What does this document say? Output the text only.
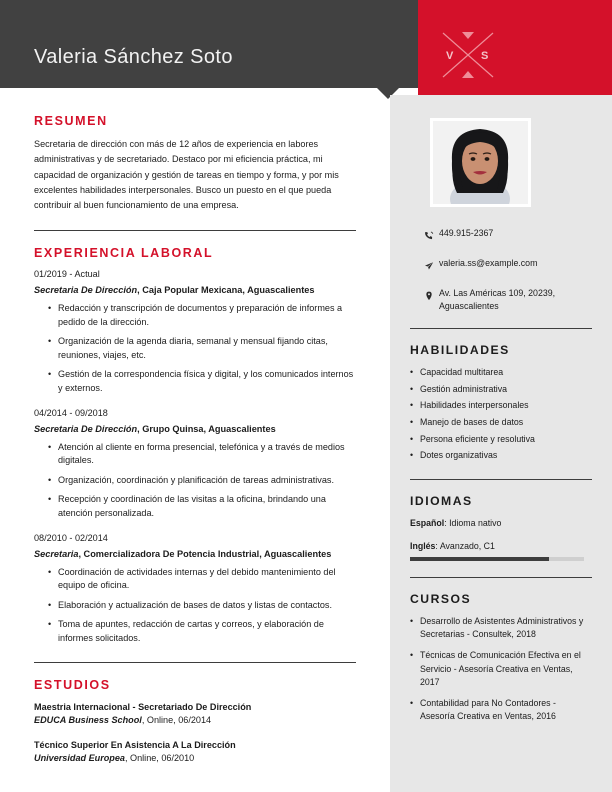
Valeria Sánchez Soto	V	S
RESUMEN

Secretaria de dirección con más de 12 años de experiencia en labores administrativas y de secretariado. Destaco por mi eficiencia práctica, mi capacidad de organización y gestión de tareas en tiempo y forma, y por mis excelentes habilidades interpersonales. Busco un puesto en el que pueda contribuir al buen funcionamiento de una empresa.

EXPERIENCIA LABORAL
01/2019 - Actual
Secretaria De Dirección, Caja Popular Mexicana, Aguascalientes
• Redacción y transcripción de documentos y preparación de informes a pedido de la dirección.
• Organización de la agenda diaria, semanal y mensual fijando citas, reuniones, viajes, etc.
• Gestión de la correspondencia física y digital, y los comunicados internos y externos.
04/2014 - 09/2018
Secretaria De Dirección, Grupo Quinsa, Aguascalientes
• Atención al cliente en forma presencial, telefónica y a través de medios digitales.
• Organización, coordinación y planificación de tareas administrativas.
• Recepción y coordinación de las visitas a la oficina, brindando una atención personalizada.
08/2010 - 02/2014
Secretaria, Comercializadora De Potencia Industrial, Aguascalientes
• Coordinación de actividades internas y del debido mantenimiento del equipo de oficina.
• Elaboración y actualización de bases de datos y listas de contactos.
• Toma de apuntes, redacción de cartas y correos, y elaboración de informes solicitados.
ESTUDIOS
Maestria Internacional - Secretariado De Dirección
EDUCA Business School, Online, 06/2014
Técnico Superior En Asistencia A La Dirección
Universidad Europea, Online, 06/2010
449.915-2367
valeria.ss@example.com
Av. Las Américas 109, 20239, Aguascalientes
HABILIDADES
• Capacidad multitarea
• Gestión administrativa
• Habilidades interpersonales
• Manejo de bases de datos
• Persona eficiente y resolutiva
• Dotes organizativas
IDIOMAS
Español: Idioma nativo
Inglés: Avanzado, C1
CURSOS
• Desarrollo de Asistentes Administrativos y Secretarias - Consultek, 2018
• Técnicas de Comunicación Efectiva en el Servicio - Asesoría Creativa en Ventas, 2017
• Contabilidad para No Contadores - Asesoría Creativa en Ventas, 2016
